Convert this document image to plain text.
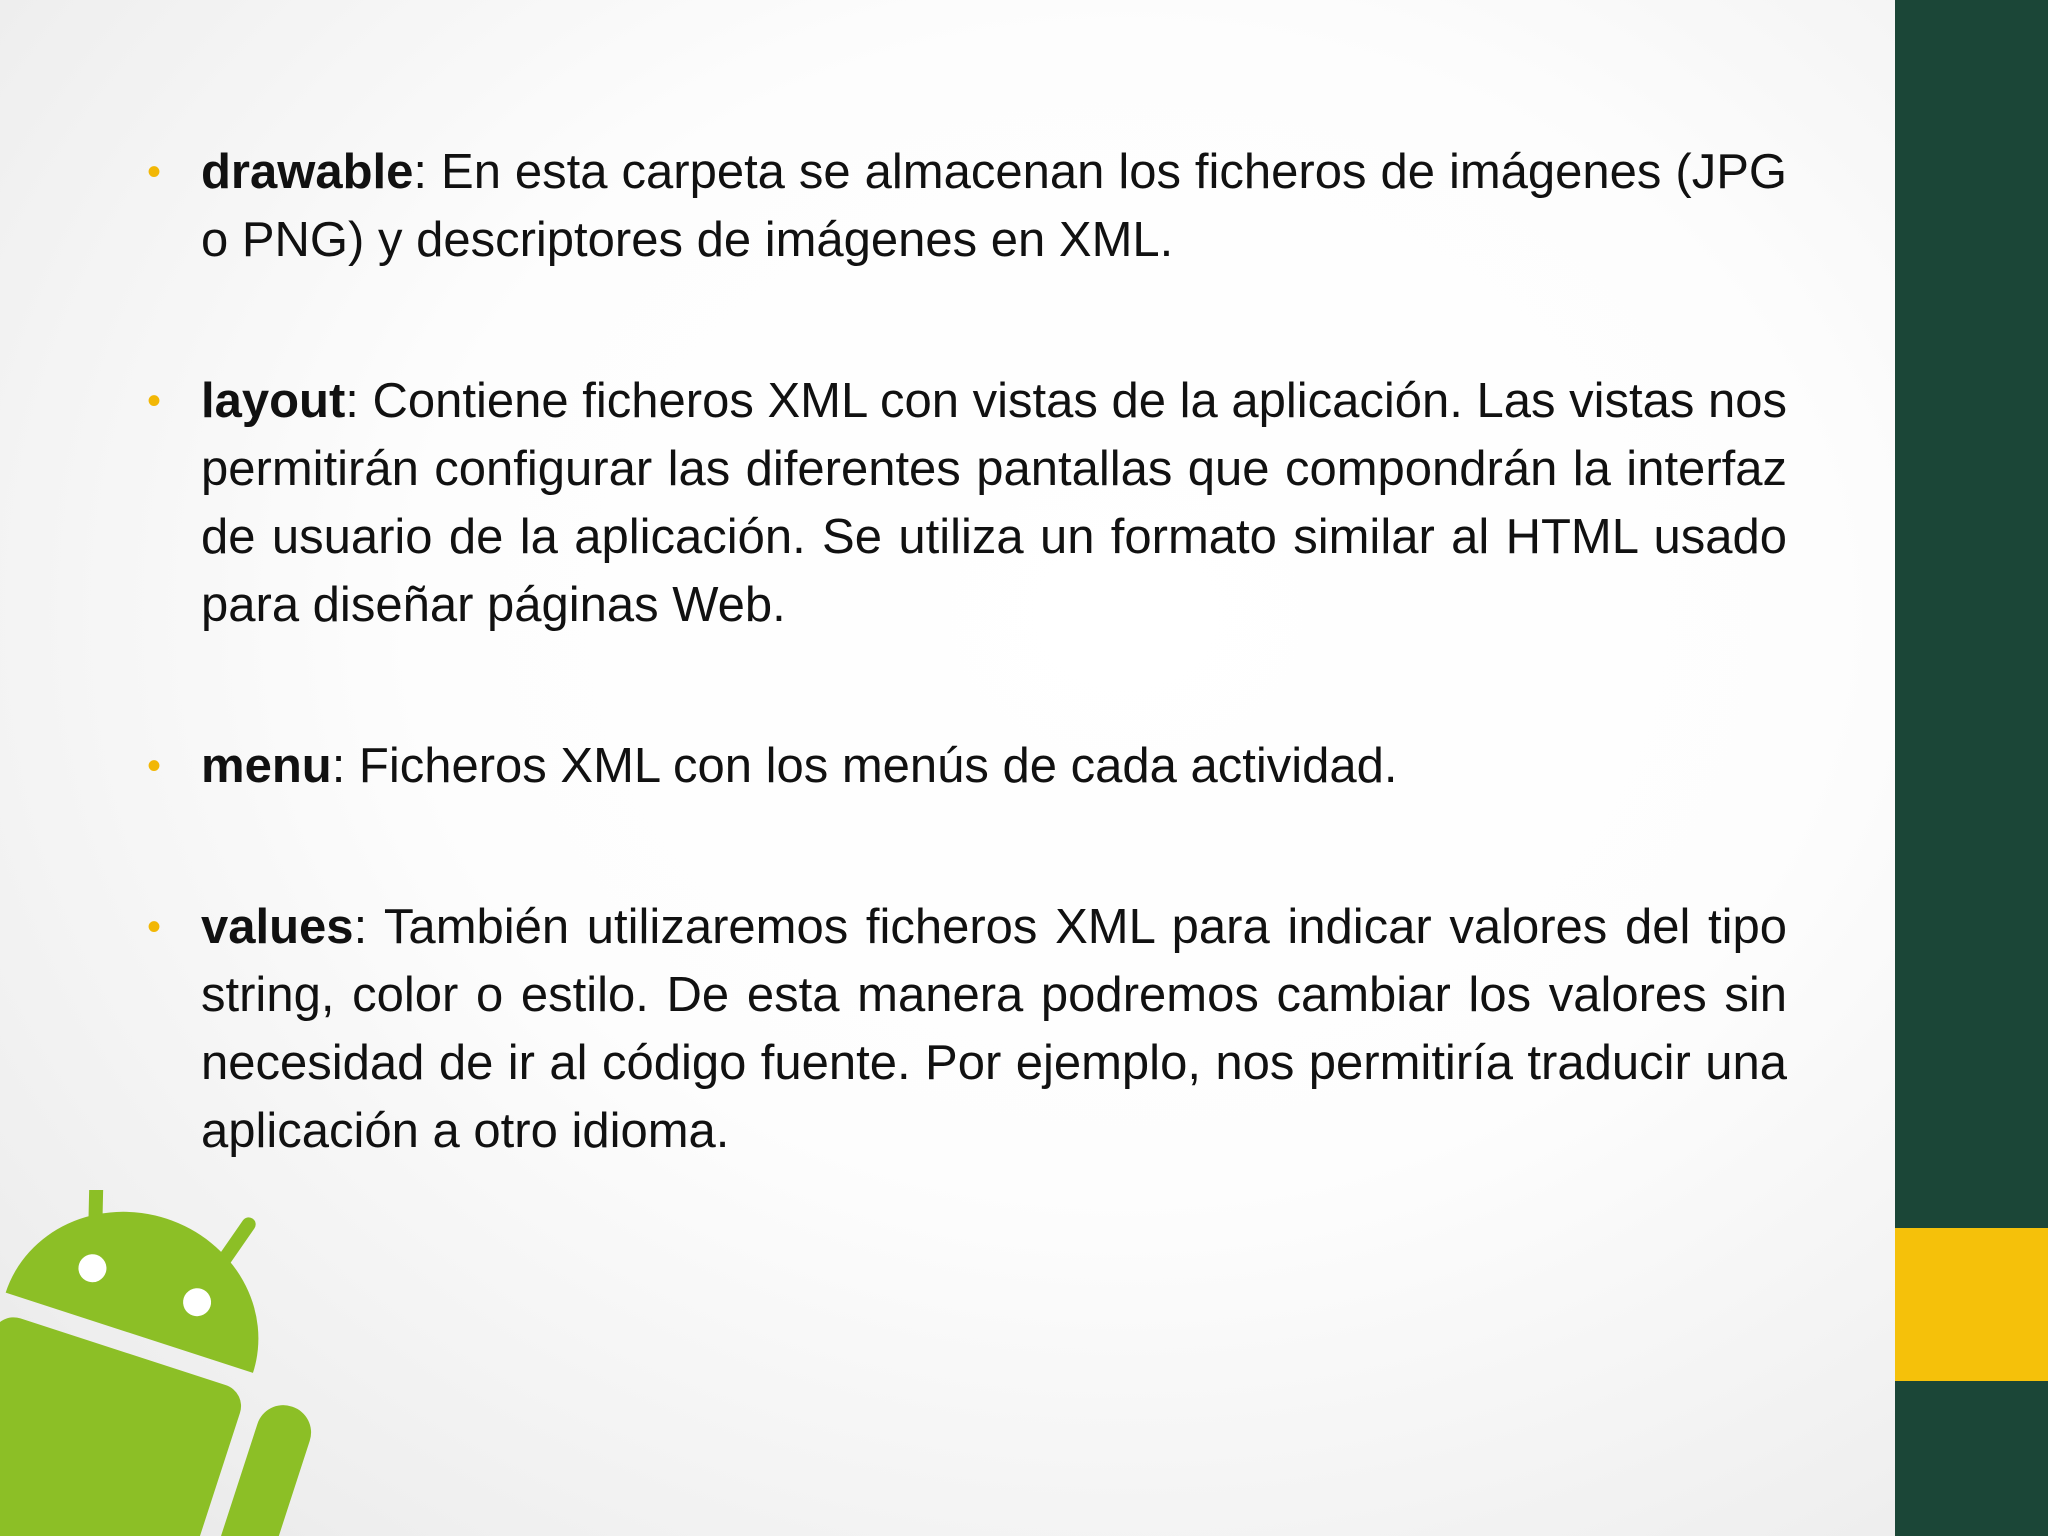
• drawable: En esta carpeta se almacenan los ficheros de imágenes (JPG o PNG) y descriptores de imágenes en XML.
• layout: Contiene ficheros XML con vistas de la aplicación. Las vistas nos permitirán configurar las diferentes pantallas que compondrán la interfaz de usuario de la aplicación. Se utiliza un formato similar al HTML usado para diseñar páginas Web.
• menu: Ficheros XML con los menús de cada actividad.
• values: También utilizaremos ficheros XML para indicar valores del tipo string, color o estilo. De esta manera podremos cambiar los valores sin necesidad de ir al código fuente. Por ejemplo, nos permitiría traducir una aplicación a otro idioma.
